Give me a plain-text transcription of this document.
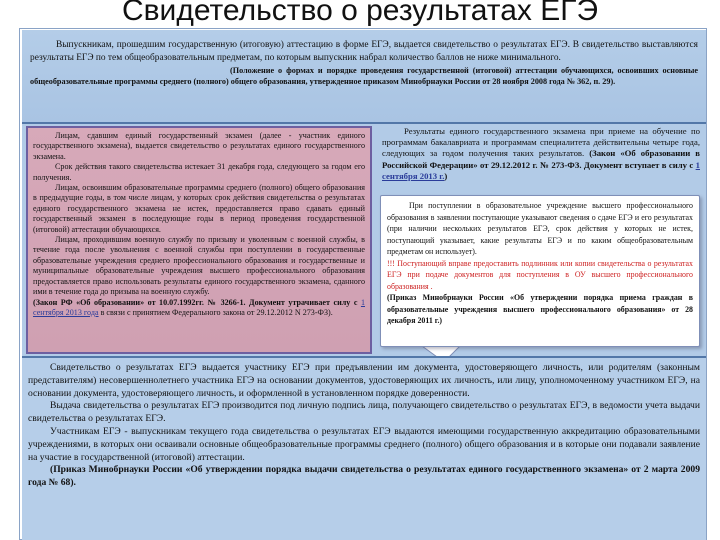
Свидетельство о результатах ЕГЭ

Выпускникам, прошедшим государственную (итоговую) аттестацию в форме ЕГЭ, выдается свидетельство о результатах ЕГЭ. В свидетельство выставляются результаты ЕГЭ по тем общеобразовательным предметам, по которым выпускник набрал количество баллов не ниже минимального.

(Положение о формах и порядке проведения государственной (итоговой) аттестации обучающихся, освоивших основные общеобразовательные программы среднего (полного) общего образования, утвержденное приказом Минобрнауки России от 28 ноября 2008 года № 362, п. 29).

Лицам, сдавшим единый государственный экзамен (далее - участник единого государственного экзамена), выдается свидетельство о результатах единого государственного экзамена.

Срок действия такого свидетельства истекает 31 декабря года, следующего за годом его получения.

Лицам, освоившим образовательные программы среднего (полного) общего образования в предыдущие годы, в том числе лицам, у которых срок действия свидетельства о результатах единого государственного экзамена не истек, предоставляется право сдавать единый государственный экзамен в последующие годы в период проведения государственной (итоговой) аттестации обучающихся.

Лицам, проходившим военную службу по призыву и уволенным с военной службы, в течение года после увольнения с военной службы при поступлении в государственные образовательные учреждения среднего профессионального образования и государственные и муниципальные образовательные учреждения высшего профессионального образования предоставляется право использовать результаты единого государственного экзамена, сданного ими в течение года до призыва на военную службу.

(Закон РФ «Об образовании» от 10.07.1992гг. № 3266-1. Документ утрачивает силу с 1 сентября 2013 года в связи с принятием Федерального закона от 29.12.2012 N 273-ФЗ).

Результаты единого государственного экзамена при приеме на обучение по программам бакалавриата и программам специалитета действительны четыре года, следующих за годом получения таких результатов. (Закон «Об образовании в Российской Федерации» от 29.12.2012 г. № 273-ФЗ. Документ вступает в силу с 1 сентября 2013 г.)

При поступлении в образовательное учреждение высшего профессионального образования в заявлении поступающие указывают сведения о сдаче ЕГЭ и его результатах (при наличии нескольких результатов ЕГЭ, срок действия у которых не истек, поступающий указывает, какие результаты ЕГЭ и по каким общеобразовательным предметам он использует).

!!! Поступающий вправе предоставить подлинник или копии свидетельства о результатах ЕГЭ при подаче документов для поступления в ОУ высшего профессионального образования .

(Приказ Минобрнауки России «Об утверждении порядка приема граждан в образовательные учреждения высшего профессионального образования» от 28 декабря 2011 г.)

Свидетельство о результатах ЕГЭ выдается участнику ЕГЭ при предъявлении им документа, удостоверяющего личность, или родителям (законным представителям) несовершеннолетнего участника ЕГЭ на основании документов, удостоверяющих их личность, или лицу, уполномоченному участником ЕГЭ, на основании документа, удостоверяющего личность, и оформленной в установленном порядке доверенности.

Выдача свидетельства о результатах ЕГЭ производится под личную подпись лица, получающего свидетельство о результатах ЕГЭ, в ведомости учета выдачи свидетельства о результатах ЕГЭ.

Участникам ЕГЭ - выпускникам текущего года свидетельства о результатах ЕГЭ выдаются имеющими государственную аккредитацию образовательными учреждениями, в которых они осваивали основные общеобразовательные программы среднего (полного) общего образования и в которые они подавали заявление на участие в государственной (итоговой) аттестации.

(Приказ Минобрнауки России «Об утверждении порядка выдачи свидетельства о результатах единого государственного экзамена» от 2 марта 2009 года № 68).
